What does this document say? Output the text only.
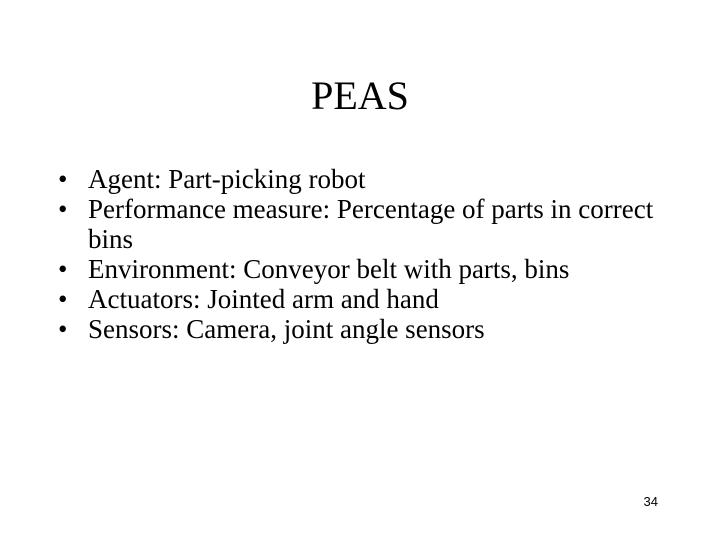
PEAS
• Agent: Part-picking robot
• Performance measure: Percentage of parts in correct bins
• Environment: Conveyor belt with parts, bins
• Actuators: Jointed arm and hand
• Sensors: Camera, joint angle sensors
34
